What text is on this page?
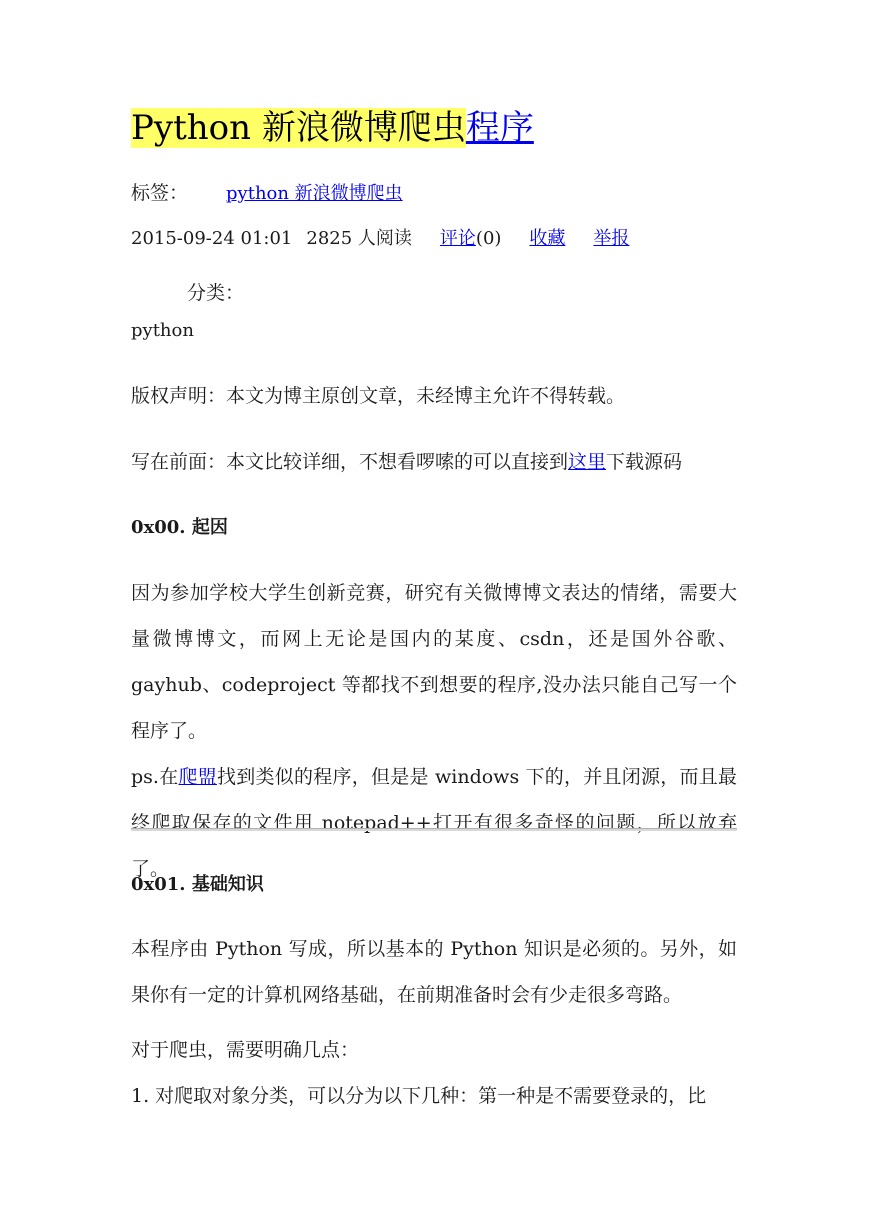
Python 新浪微博爬虫程序
标签： python 新浪微博爬虫
2015-09-24 01:01 2825 人阅读 评论(0) 收藏 举报
分类：
python
版权声明：本文为博主原创文章，未经博主允许不得转载。
写在前面：本文比较详细，不想看啰嗦的可以直接到这里下载源码
0x00. 起因
因为参加学校大学生创新竞赛，研究有关微博博文表达的情绪，需要大量微博博文，而网上无论是国内的某度、csdn，还是国外谷歌、gayhub、codeproject 等都找不到想要的程序,没办法只能自己写一个程序了。
ps.在爬盟找到类似的程序，但是是 windows 下的，并且闭源，而且最终爬取保存的文件用 notepad++打开有很多奇怪的问题，所以放弃了。
0x01. 基础知识
本程序由 Python 写成，所以基本的 Python 知识是必须的。另外，如果你有一定的计算机网络基础，在前期准备时会有少走很多弯路。
对于爬虫，需要明确几点：
1. 对爬取对象分类，可以分为以下几种：第一种是不需要登录的，比
